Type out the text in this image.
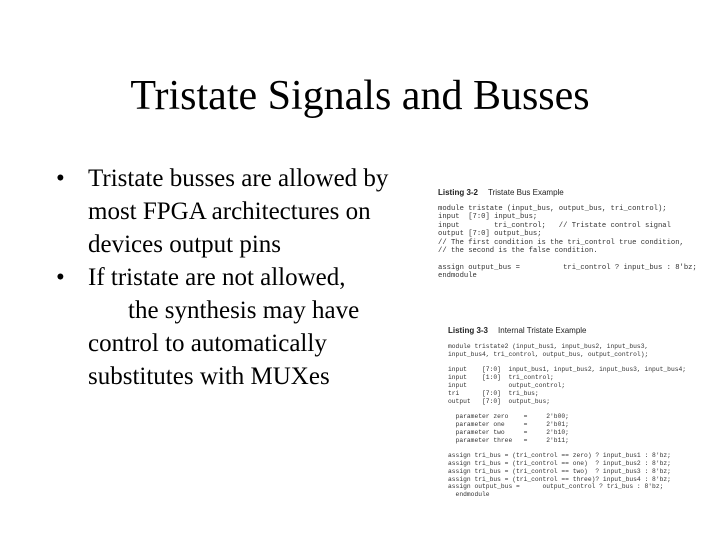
Tristate Signals and Busses
• Tristate busses are allowed by
most FPGA architectures on
devices output pins
• If tristate are not allowed,
the synthesis may have
control to automatically
substitutes with MUXes
Listing 3-2 Tristate Bus Example
module tristate (input_bus, output_bus, tri_control);
input  [7:0] input_bus;
input        tri_control;   // Tristate control signal
output [7:0] output_bus;
// The first condition is the tri_control true condition,
// the second is the false condition.

assign output_bus =          tri_control ? input_bus : 8'bz;
endmodule
Listing 3-3 Internal Tristate Example
module tristate2 (input_bus1, input_bus2, input_bus3,
input_bus4, tri_control, output_bus, output_control);

input    [7:0]  input_bus1, input_bus2, input_bus3, input_bus4;
input    [1:0]  tri_control;
input           output_control;
tri      [7:0]  tri_bus;
output   [7:0]  output_bus;

parameter zero    =     2'b00;
parameter one     =     2'b01;
parameter two     =     2'b10;
parameter three   =     2'b11;

assign tri_bus = (tri_control == zero) ? input_bus1 : 8'bz;
assign tri_bus = (tri_control == one)  ? input_bus2 : 8'bz;
assign tri_bus = (tri_control == two)  ? input_bus3 : 8'bz;
assign tri_bus = (tri_control == three)? input_bus4 : 8'bz;
assign output_bus =      output_control ? tri_bus : 8'bz;
endmodule
